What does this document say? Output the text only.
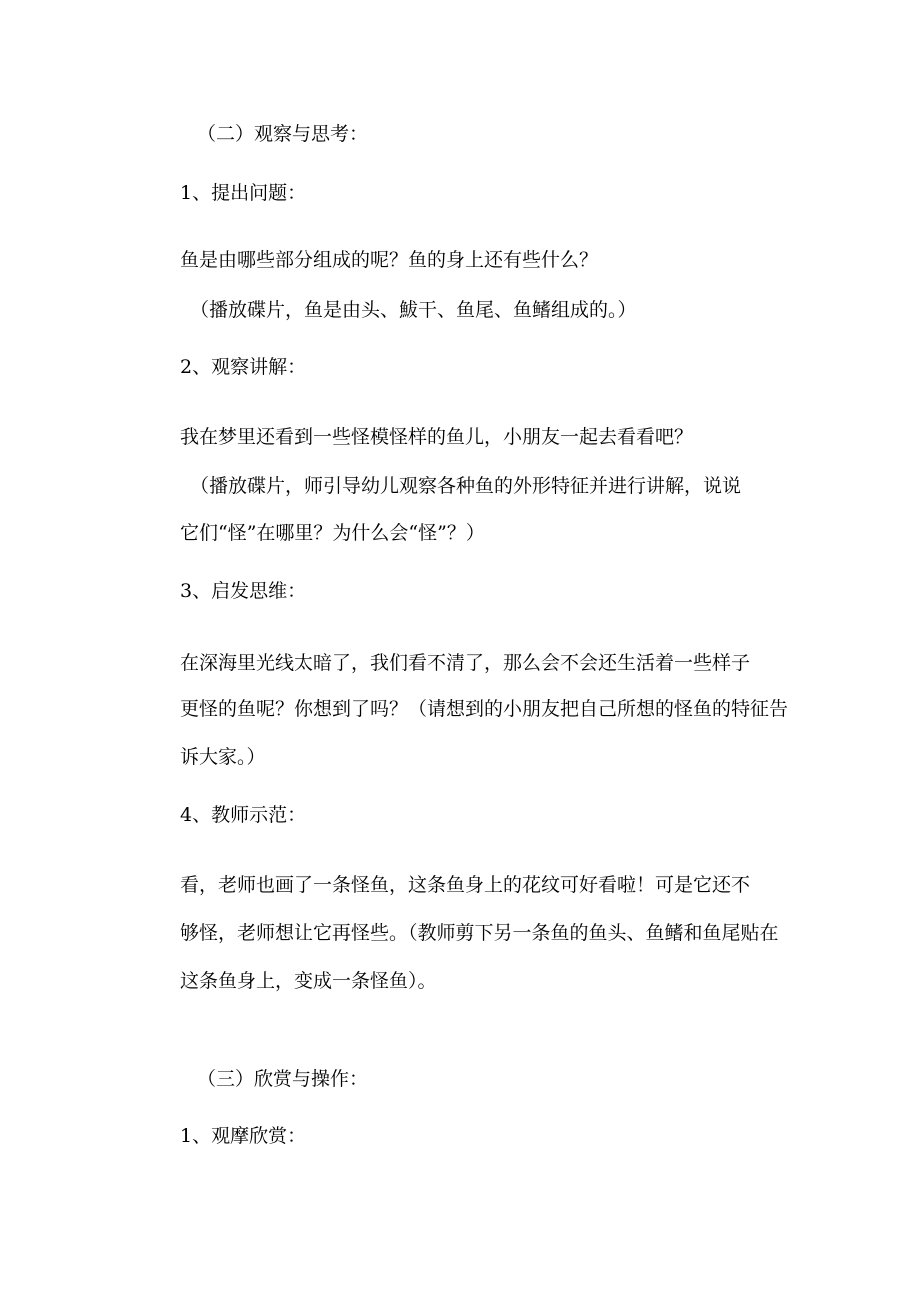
（二）观察与思考：

1、提出问题：

鱼是由哪些部分组成的呢？鱼的身上还有些什么？

（播放碟片，鱼是由头、鮁干、鱼尾、鱼鳍组成的。）

2、观察讲解：

我在梦里还看到一些怪模怪样的鱼儿，小朋友一起去看看吧？

（播放碟片，师引导幼儿观察各种鱼的外形特征并进行讲解，说说

它们“怪”在哪里？为什么会“怪”？）

3、启发思维：

在深海里光线太暗了，我们看不清了，那么会不会还生活着一些样子

更怪的鱼呢？你想到了吗？（请想到的小朋友把自己所想的怪鱼的特征告

诉大家。）

4、教师示范：

看，老师也画了一条怪鱼，这条鱼身上的花纹可好看啦！可是它还不

够怪，老师想让它再怪些。（教师剪下另一条鱼的鱼头、鱼鳍和鱼尾贴在

这条鱼身上，变成一条怪鱼）。

（三）欣赏与操作：

1、观摩欣赏：
